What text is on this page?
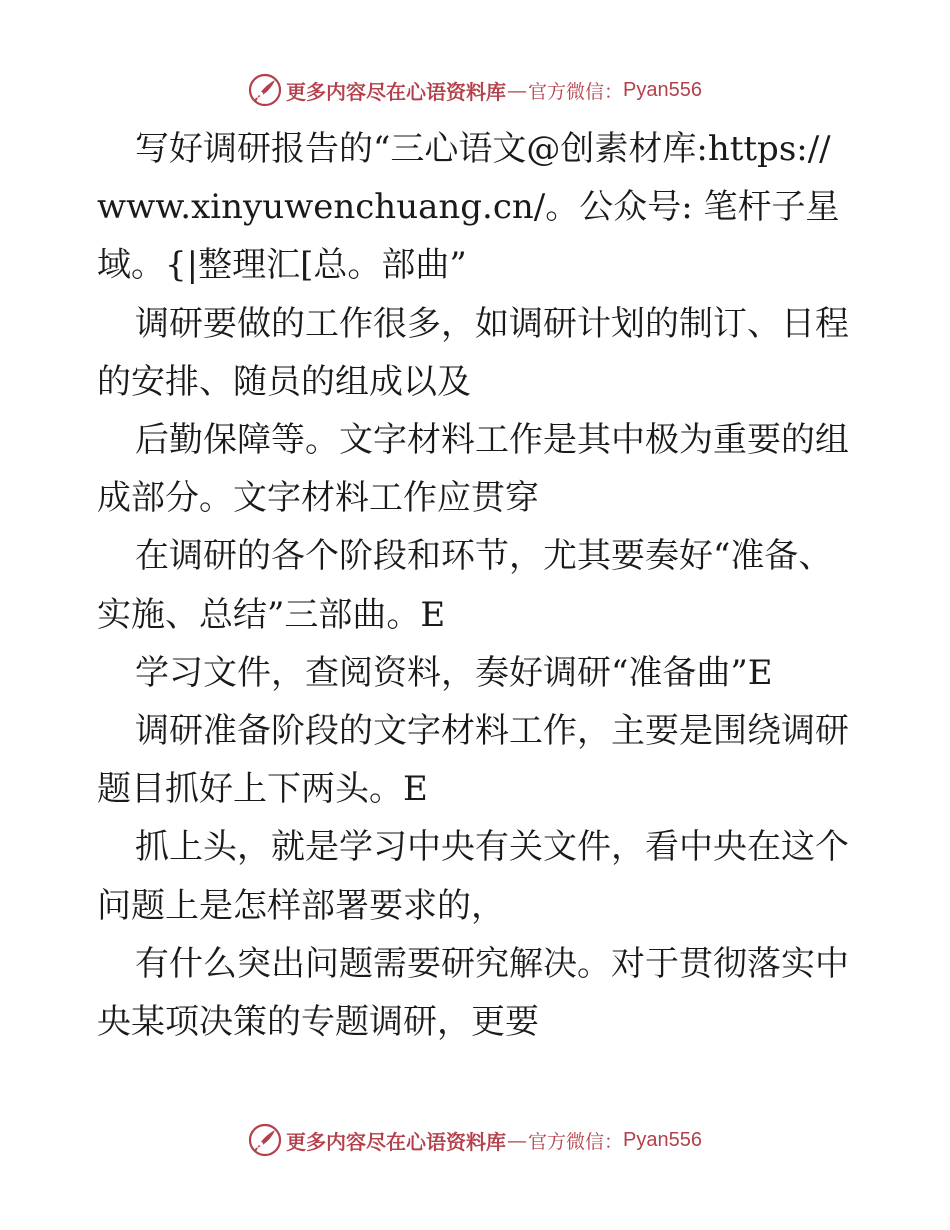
更多内容尽在心语资料库 — 官方微信： Pyan556

写好调研报告的“三心语文@创素材库:https://www.xinyuwenchuang.cn/。公众号: 笔杆子星域。{|整理汇[总。部曲”

调研要做的工作很多，如调研计划的制订、日程的安排、随员的组成以及

后勤保障等。文字材料工作是其中极为重要的组成部分。文字材料工作应贯穿

在调研的各个阶段和环节，尤其要奏好“准备、实施、总结”三部曲。E

学习文件，查阅资料，奏好调研“准备曲”E

调研准备阶段的文字材料工作，主要是围绕调研题目抓好上下两头。E

抓上头，就是学习中央有关文件，看中央在这个问题上是怎样部署要求的，

有什么突出问题需要研究解决。对于贯彻落实中央某项决策的专题调研，更要

更多内容尽在心语资料库 — 官方微信： Pyan556
